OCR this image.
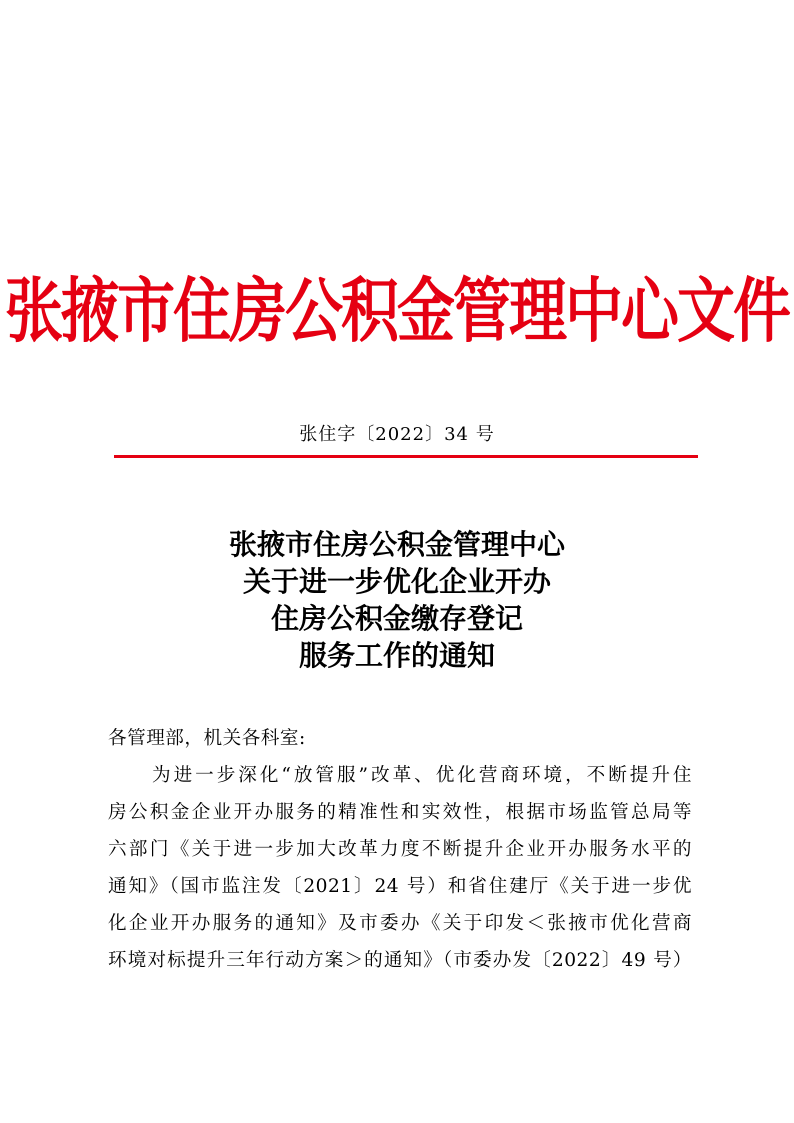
张掖市住房公积金管理中心文件
张住字〔2022〕34 号
张掖市住房公积金管理中心
关于进一步优化企业开办
住房公积金缴存登记
服务工作的通知
各管理部，机关各科室:
为进一步深化“放管服”改革、优化营商环境，不断提升住
房公积金企业开办服务的精准性和实效性，根据市场监管总局等
六部门《关于进一步加大改革力度不断提升企业开办服务水平的
通知》（国市监注发〔2021〕24 号）和省住建厅《关于进一步优
化企业开办服务的通知》及市委办《关于印发＜张掖市优化营商
环境对标提升三年行动方案＞的通知》（市委办发〔2022〕49 号）
